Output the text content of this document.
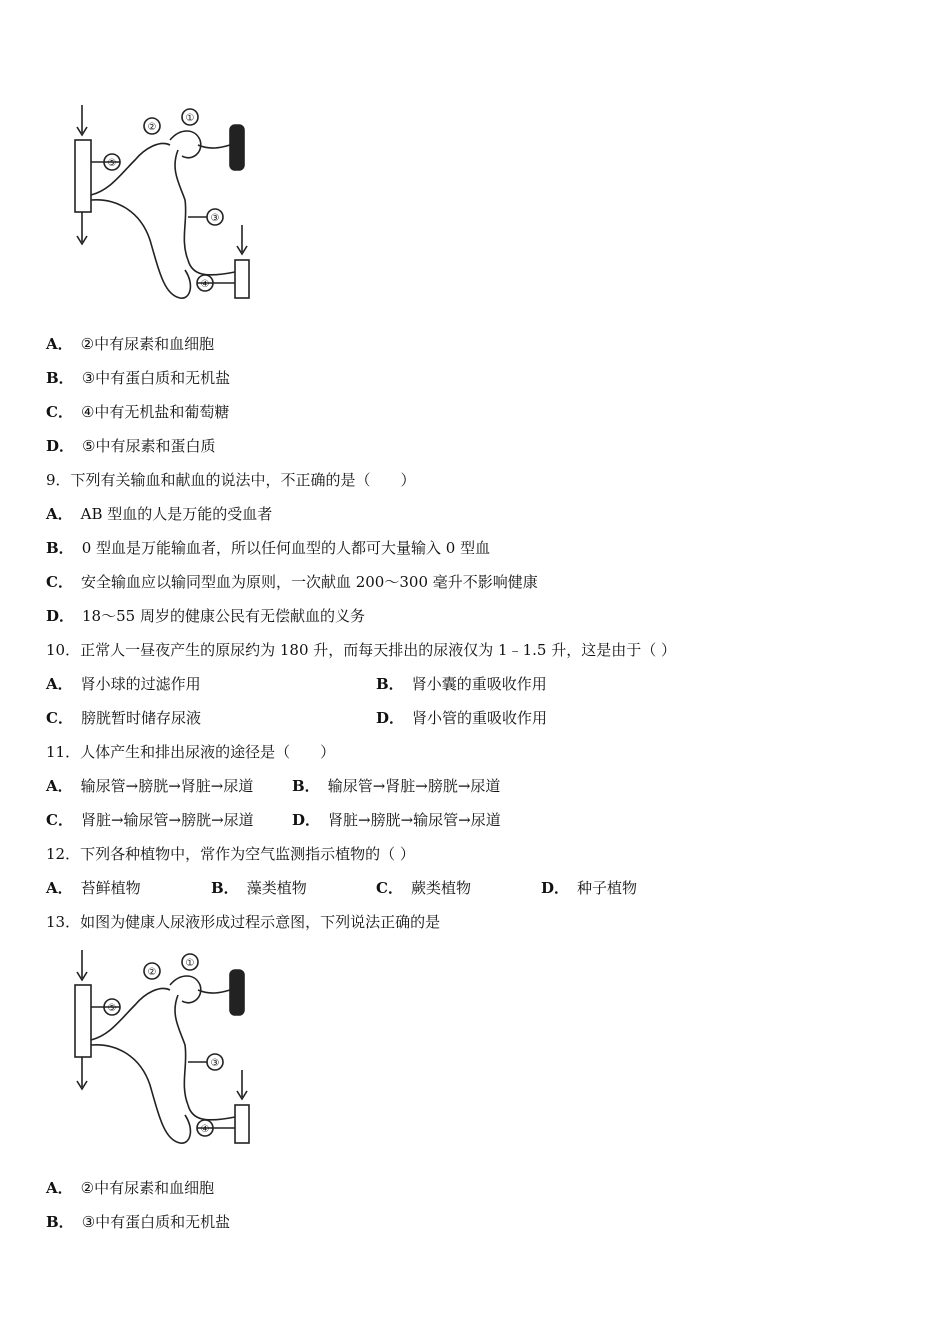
①
②
③
④
⑤
A． ②中有尿素和血细胞
B． ③中有蛋白质和无机盐
C． ④中有无机盐和葡萄糖
D． ⑤中有尿素和蛋白质
9．下列有关输血和献血的说法中，不正确的是（　　）
A． AB 型血的人是万能的受血者
B． 0 型血是万能输血者，所以任何血型的人都可大量输入 0 型血
C． 安全输血应以输同型血为原则，一次献血 200～300 毫升不影响健康
D． 18～55 周岁的健康公民有无偿献血的义务
10．正常人一昼夜产生的原尿约为 180 升，而每天排出的尿液仅为 1﹣1.5 升，这是由于（ ）
A． 肾小球的过滤作用	B． 肾小囊的重吸收作用
C． 膀胱暂时储存尿液	D． 肾小管的重吸收作用
11．人体产生和排出尿液的途径是（　　）
A． 输尿管→膀胱→肾脏→尿道	B． 输尿管→肾脏→膀胱→尿道
C． 肾脏→输尿管→膀胱→尿道	D． 肾脏→膀胱→输尿管→尿道
12．下列各种植物中，常作为空气监测指示植物的（ ）
A． 苔鲜植物	B． 藻类植物	C． 蕨类植物	D． 种子植物
13．如图为健康人尿液形成过程示意图，下列说法正确的是
①
②
③
④
⑤
A． ②中有尿素和血细胞
B． ③中有蛋白质和无机盐
